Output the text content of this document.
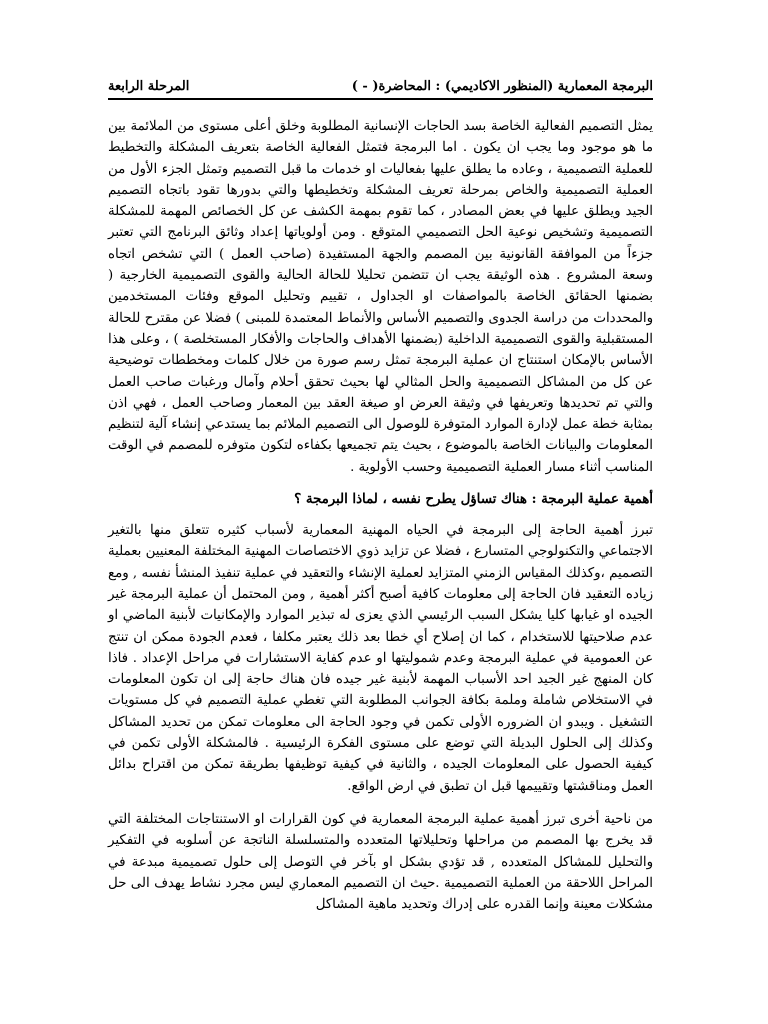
البرمجة المعمارية (المنظور الاكاديمي) : المحاضرة( - )
المرحلة الرابعة

يمثل التصميم الفعالية الخاصة بسد الحاجات الإنسانية المطلوبة وخلق أعلى مستوى من الملائمة بين ما هو موجود وما يجب ان يكون . اما البرمجة فتمثل الفعالية الخاصة بتعريف المشكلة والتخطيط للعملية التصميمية ، وعاده ما يطلق عليها بفعاليات او خدمات ما قبل التصميم وتمثل الجزء الأول من العملية التصميمية والخاص بمرحلة تعريف المشكلة وتخطيطها والتي بدورها تقود باتجاه التصميم الجيد ويطلق عليها في بعض المصادر ، كما تقوم بمهمة الكشف عن كل الخصائص المهمة للمشكلة التصميمية وتشخيص نوعية الحل التصميمي المتوقع . ومن أولوياتها إعداد وثائق البرنامج التي تعتبر جزءاً من الموافقة القانونية بين المصمم والجهة المستفيدة (صاحب العمل ) التي تشخص اتجاه وسعة المشروع . هذه الوثيقة يجب ان تتضمن تحليلا للحالة الحالية والقوى التصميمية الخارجية ( بضمنها الحقائق الخاصة بالمواصفات او الجداول ، تقييم وتحليل الموقع وفئات المستخدمين والمحددات من دراسة الجدوى والتصميم الأساس والأنماط المعتمدة للمبنى ) فضلا عن مقترح للحالة المستقبلية والقوى التصميمية الداخلية (بضمنها الأهداف والحاجات والأفكار المستخلصة ) ، وعلى هذا الأساس بالإمكان استنتاج ان عملية البرمجة تمثل رسم صورة من خلال كلمات ومخططات توضيحية عن كل من المشاكل التصميمية والحل المثالي لها بحيث تحقق أحلام وآمال ورغبات صاحب العمل والتي تم تحديدها وتعريفها في وثيقة العرض او صيغة العقد بين المعمار وصاحب العمل ، فهي اذن بمثابة خطة عمل لإدارة الموارد المتوفرة للوصول الى التصميم الملائم بما يستدعي إنشاء آلية لتنظيم المعلومات والبيانات الخاصة بالموضوع ، بحيث يتم تجميعها بكفاءه لتكون متوفره للمصمم في الوقت المناسب أثناء مسار العملية التصميمية وحسب الأولوية .

أهمية عملية البرمجة : هناك تساؤل يطرح نفسه ، لماذا البرمجة ؟

تبرز أهمية الحاجة إلى البرمجة في الحياه المهنية المعمارية لأسباب كثيره تتعلق منها بالتغير الاجتماعي والتكنولوجي المتسارع ، فضلا عن تزايد ذوي الاختصاصات المهنية المختلفة المعنيين بعملية التصميم ،وكذلك المقياس الزمني المتزايد لعملية الإنشاء والتعقيد في عملية تنفيذ المنشأ نفسه , ومع زياده التعقيد فان الحاجة إلى معلومات كافية أصبح أكثر أهمية , ومن المحتمل أن عملية البرمجة غير الجيده او غيابها كليا يشكل السبب الرئيسي الذي يعزى له تبذير الموارد والإمكانيات لأبنية الماضي او عدم صلاحيتها للاستخدام ، كما ان إصلاح أي خطا بعد ذلك يعتبر مكلفا ، فعدم الجودة ممكن ان تنتج عن العمومية في عملية البرمجة وعدم شموليتها او عدم كفاية الاستشارات في مراحل الإعداد . فاذا كان المنهج غير الجيد احد الأسباب المهمة لأبنية غير جيده فان هناك حاجة إلى ان تكون المعلومات في الاستخلاص شاملة وملمة بكافة الجوانب المطلوبة التي تغطي عملية التصميم في كل مستويات التشغيل . ويبدو ان الضروره الأولى تكمن في وجود الحاجة الى معلومات تمكن من تحديد المشاكل وكذلك إلى الحلول البديلة التي توضع على مستوى الفكرة الرئيسية . فالمشكلة الأولى تكمن في كيفية الحصول على المعلومات الجيده ، والثانية في كيفية توظيفها بطريقة تمكن من اقتراح بدائل العمل ومناقشتها وتقييمها قبل ان تطبق في ارض الواقع.

من ناحية أخرى تبرز أهمية عملية البرمجة المعمارية في كون القرارات او الاستنتاجات المختلفة التي قد يخرج بها المصمم من مراحلها وتحليلاتها المتعدده والمتسلسلة الناتجة عن أسلوبه في التفكير والتحليل للمشاكل المتعدده , قد تؤدي بشكل او بآخر في التوصل إلى حلول تصميمية مبدعة في المراحل اللاحقة من العملية التصميمية .حيث ان التصميم المعماري ليس مجرد نشاط يهدف الى حل مشكلات معينة وإنما القدره على إدراك وتحديد ماهية المشاكل
